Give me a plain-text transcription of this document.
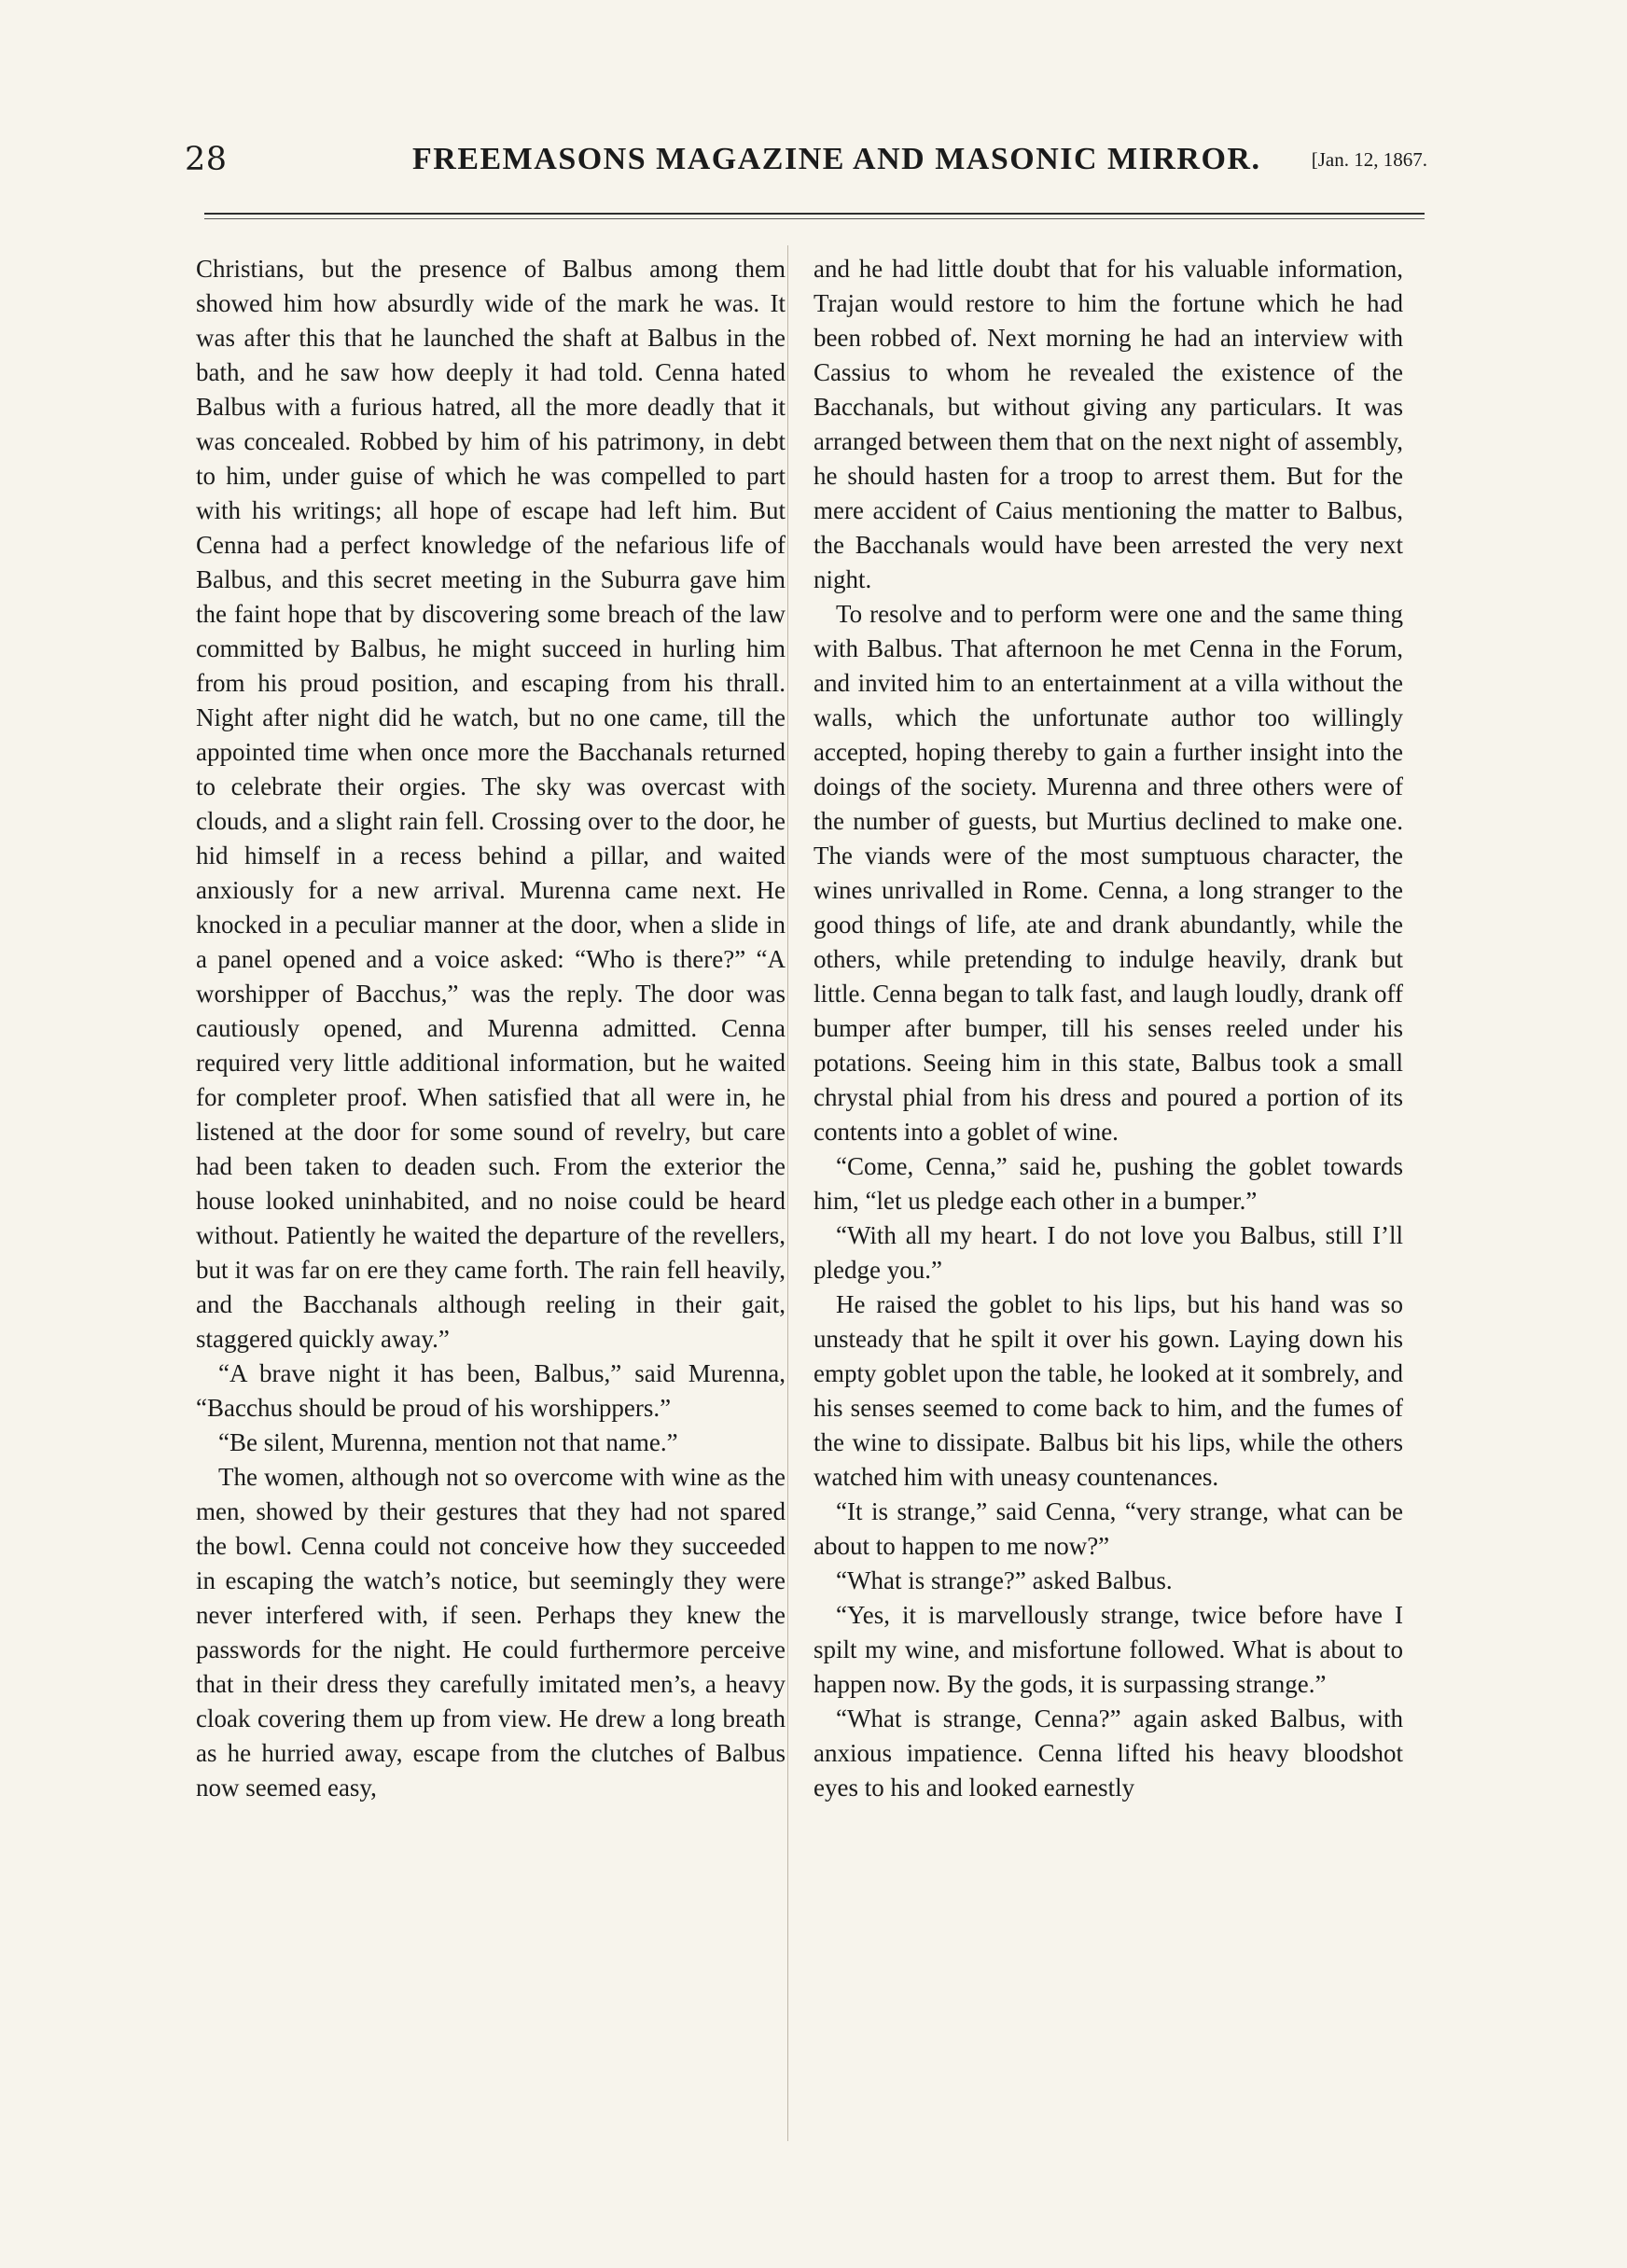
28	FREEMASONS MAGAZINE AND MASONIC MIRROR.	[Jan. 12, 1867.

Christians, but the presence of Balbus among them showed him how absurdly wide of the mark he was. It was after this that he launched the shaft at Balbus in the bath, and he saw how deeply it had told. Cenna hated Balbus with a furious hatred, all the more deadly that it was concealed. Robbed by him of his patrimony, in debt to him, under guise of which he was compelled to part with his writings; all hope of escape had left him. But Cenna had a perfect knowledge of the nefarious life of Balbus, and this secret meeting in the Suburra gave him the faint hope that by discovering some breach of the law committed by Balbus, he might succeed in hurling him from his proud position, and escaping from his thrall. Night after night did he watch, but no one came, till the appointed time when once more the Bacchanals returned to celebrate their orgies. The sky was overcast with clouds, and a slight rain fell. Crossing over to the door, he hid himself in a recess behind a pillar, and waited anxiously for a new arrival. Murenna came next. He knocked in a peculiar manner at the door, when a slide in a panel opened and a voice asked: “Who is there?” “A worshipper of Bacchus,” was the reply. The door was cautiously opened, and Murenna admitted. Cenna required very little additional information, but he waited for completer proof. When satisfied that all were in, he listened at the door for some sound of revelry, but care had been taken to deaden such. From the exterior the house looked uninhabited, and no noise could be heard without. Patiently he waited the departure of the revellers, but it was far on ere they came forth. The rain fell heavily, and the Bacchanals although reeling in their gait, staggered quickly away.”

“A brave night it has been, Balbus,” said Murenna, “Bacchus should be proud of his worshippers.”

“Be silent, Murenna, mention not that name.”

The women, although not so overcome with wine as the men, showed by their gestures that they had not spared the bowl. Cenna could not conceive how they succeeded in escaping the watch’s notice, but seemingly they were never interfered with, if seen. Perhaps they knew the passwords for the night. He could furthermore perceive that in their dress they carefully imitated men’s, a heavy cloak covering them up from view. He drew a long breath as he hurried away, escape from the clutches of Balbus now seemed easy,

and he had little doubt that for his valuable information, Trajan would restore to him the fortune which he had been robbed of. Next morning he had an interview with Cassius to whom he revealed the existence of the Bacchanals, but without giving any particulars. It was arranged between them that on the next night of assembly, he should hasten for a troop to arrest them. But for the mere accident of Caius mentioning the matter to Balbus, the Bacchanals would have been arrested the very next night.

To resolve and to perform were one and the same thing with Balbus. That afternoon he met Cenna in the Forum, and invited him to an entertainment at a villa without the walls, which the unfortunate author too willingly accepted, hoping thereby to gain a further insight into the doings of the society. Murenna and three others were of the number of guests, but Murtius declined to make one. The viands were of the most sumptuous character, the wines unrivalled in Rome. Cenna, a long stranger to the good things of life, ate and drank abundantly, while the others, while pretending to indulge heavily, drank but little. Cenna began to talk fast, and laugh loudly, drank off bumper after bumper, till his senses reeled under his potations. Seeing him in this state, Balbus took a small chrystal phial from his dress and poured a portion of its contents into a goblet of wine.

“Come, Cenna,” said he, pushing the goblet towards him, “let us pledge each other in a bumper.”

“With all my heart. I do not love you Balbus, still I’ll pledge you.”

He raised the goblet to his lips, but his hand was so unsteady that he spilt it over his gown. Laying down his empty goblet upon the table, he looked at it sombrely, and his senses seemed to come back to him, and the fumes of the wine to dissipate. Balbus bit his lips, while the others watched him with uneasy countenances.

“It is strange,” said Cenna, “very strange, what can be about to happen to me now?”

“What is strange?” asked Balbus.

“Yes, it is marvellously strange, twice before have I spilt my wine, and misfortune followed. What is about to happen now. By the gods, it is surpassing strange.”

“What is strange, Cenna?” again asked Balbus, with anxious impatience. Cenna lifted his heavy bloodshot eyes to his and looked earnestly
